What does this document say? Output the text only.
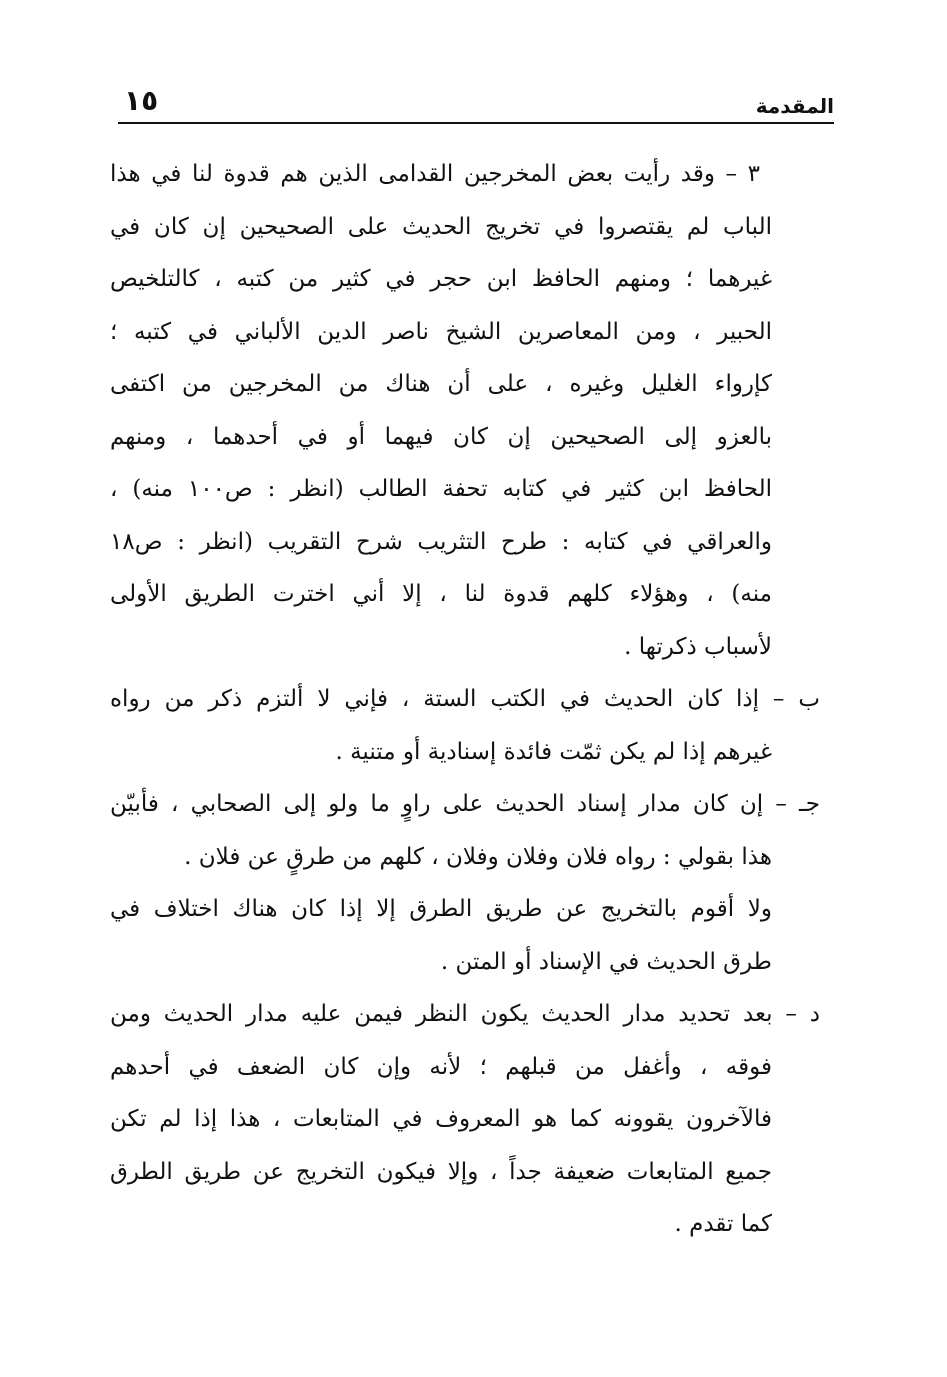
المقدمة
١٥
٣ – وقد رأيت بعض المخرجين القدامى الذين هم قدوة لنا في هذا
الباب لم يقتصروا في تخريج الحديث على الصحيحين إن كان في
غيرهما ؛ ومنهم الحافظ ابن حجر في كثير من كتبه ، كالتلخيص
الحبير ، ومن المعاصرين الشيخ ناصر الدين الألباني في كتبه ؛
كإرواء الغليل وغيره ، على أن هناك من المخرجين من اكتفى
بالعزو إلى الصحيحين إن كان فيهما أو في أحدهما ، ومنهم
الحافظ ابن كثير في كتابه تحفة الطالب (انظر : ص١٠٠ منه) ،
والعراقي في كتابه : طرح التثريب شرح التقريب (انظر : ص١٨
منه) ، وهؤلاء كلهم قدوة لنا ، إلا أني اخترت الطريق الأولى
لأسباب ذكرتها .
ب – إذا كان الحديث في الكتب الستة ، فإني لا ألتزم ذكر من رواه
غيرهم إذا لم يكن ثمّت فائدة إسنادية أو متنية .
جـ – إن كان مدار إسناد الحديث على راوٍ ما ولو إلى الصحابي ، فأبيّن
هذا بقولي : رواه فلان وفلان وفلان ، كلهم من طرقٍ عن فلان .
ولا أقوم بالتخريج عن طريق الطرق إلا إذا كان هناك اختلاف في
طرق الحديث في الإسناد أو المتن .
د – بعد تحديد مدار الحديث يكون النظر فيمن عليه مدار الحديث ومن
فوقه ، وأغفل من قبلهم ؛ لأنه وإن كان الضعف في أحدهم
فالآخرون يقوونه كما هو المعروف في المتابعات ، هذا إذا لم تكن
جميع المتابعات ضعيفة جداً ، وإلا فيكون التخريج عن طريق الطرق
كما تقدم .
